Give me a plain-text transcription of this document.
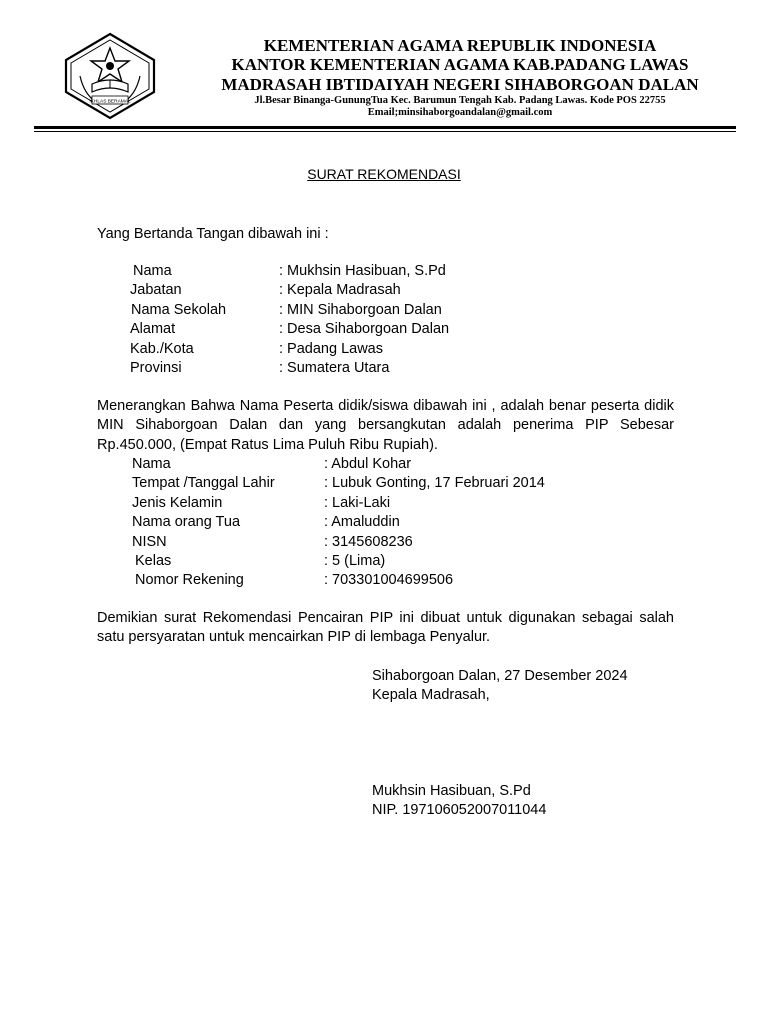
IKHLAS BERAMAL
KEMENTERIAN AGAMA REPUBLIK INDONESIA
KANTOR KEMENTERIAN AGAMA KAB.PADANG LAWAS
MADRASAH IBTIDAIYAH NEGERI SIHABORGOAN DALAN
Jl.Besar Binanga-GunungTua Kec. Barumun Tengah Kab. Padang Lawas. Kode POS 22755
Email;minsihaborgoandalan@gmail.com
SURAT REKOMENDASI
Yang Bertanda Tangan dibawah ini :
Nama	: Mukhsin Hasibuan, S.Pd
Jabatan	: Kepala Madrasah
Nama Sekolah	: MIN Sihaborgoan Dalan
Alamat	: Desa Sihaborgoan Dalan
Kab./Kota	: Padang Lawas
Provinsi	: Sumatera Utara
Menerangkan Bahwa Nama Peserta didik/siswa dibawah ini , adalah benar peserta didik MIN Sihaborgoan Dalan dan yang bersangkutan adalah penerima PIP Sebesar Rp.450.000, (Empat Ratus Lima Puluh Ribu Rupiah).
Nama	: Abdul Kohar
Tempat /Tanggal Lahir	: Lubuk Gonting, 17 Februari 2014
Jenis Kelamin	: Laki-Laki
Nama orang Tua	: Amaluddin
NISN	: 3145608236
Kelas	: 5 (Lima)
Nomor Rekening	: 703301004699506
Demikian surat Rekomendasi Pencairan PIP ini dibuat untuk digunakan sebagai salah satu persyaratan untuk mencairkan PIP di lembaga Penyalur.
Sihaborgoan Dalan, 27 Desember 2024
Kepala Madrasah,
Mukhsin Hasibuan, S.Pd
NIP. 197106052007011044
